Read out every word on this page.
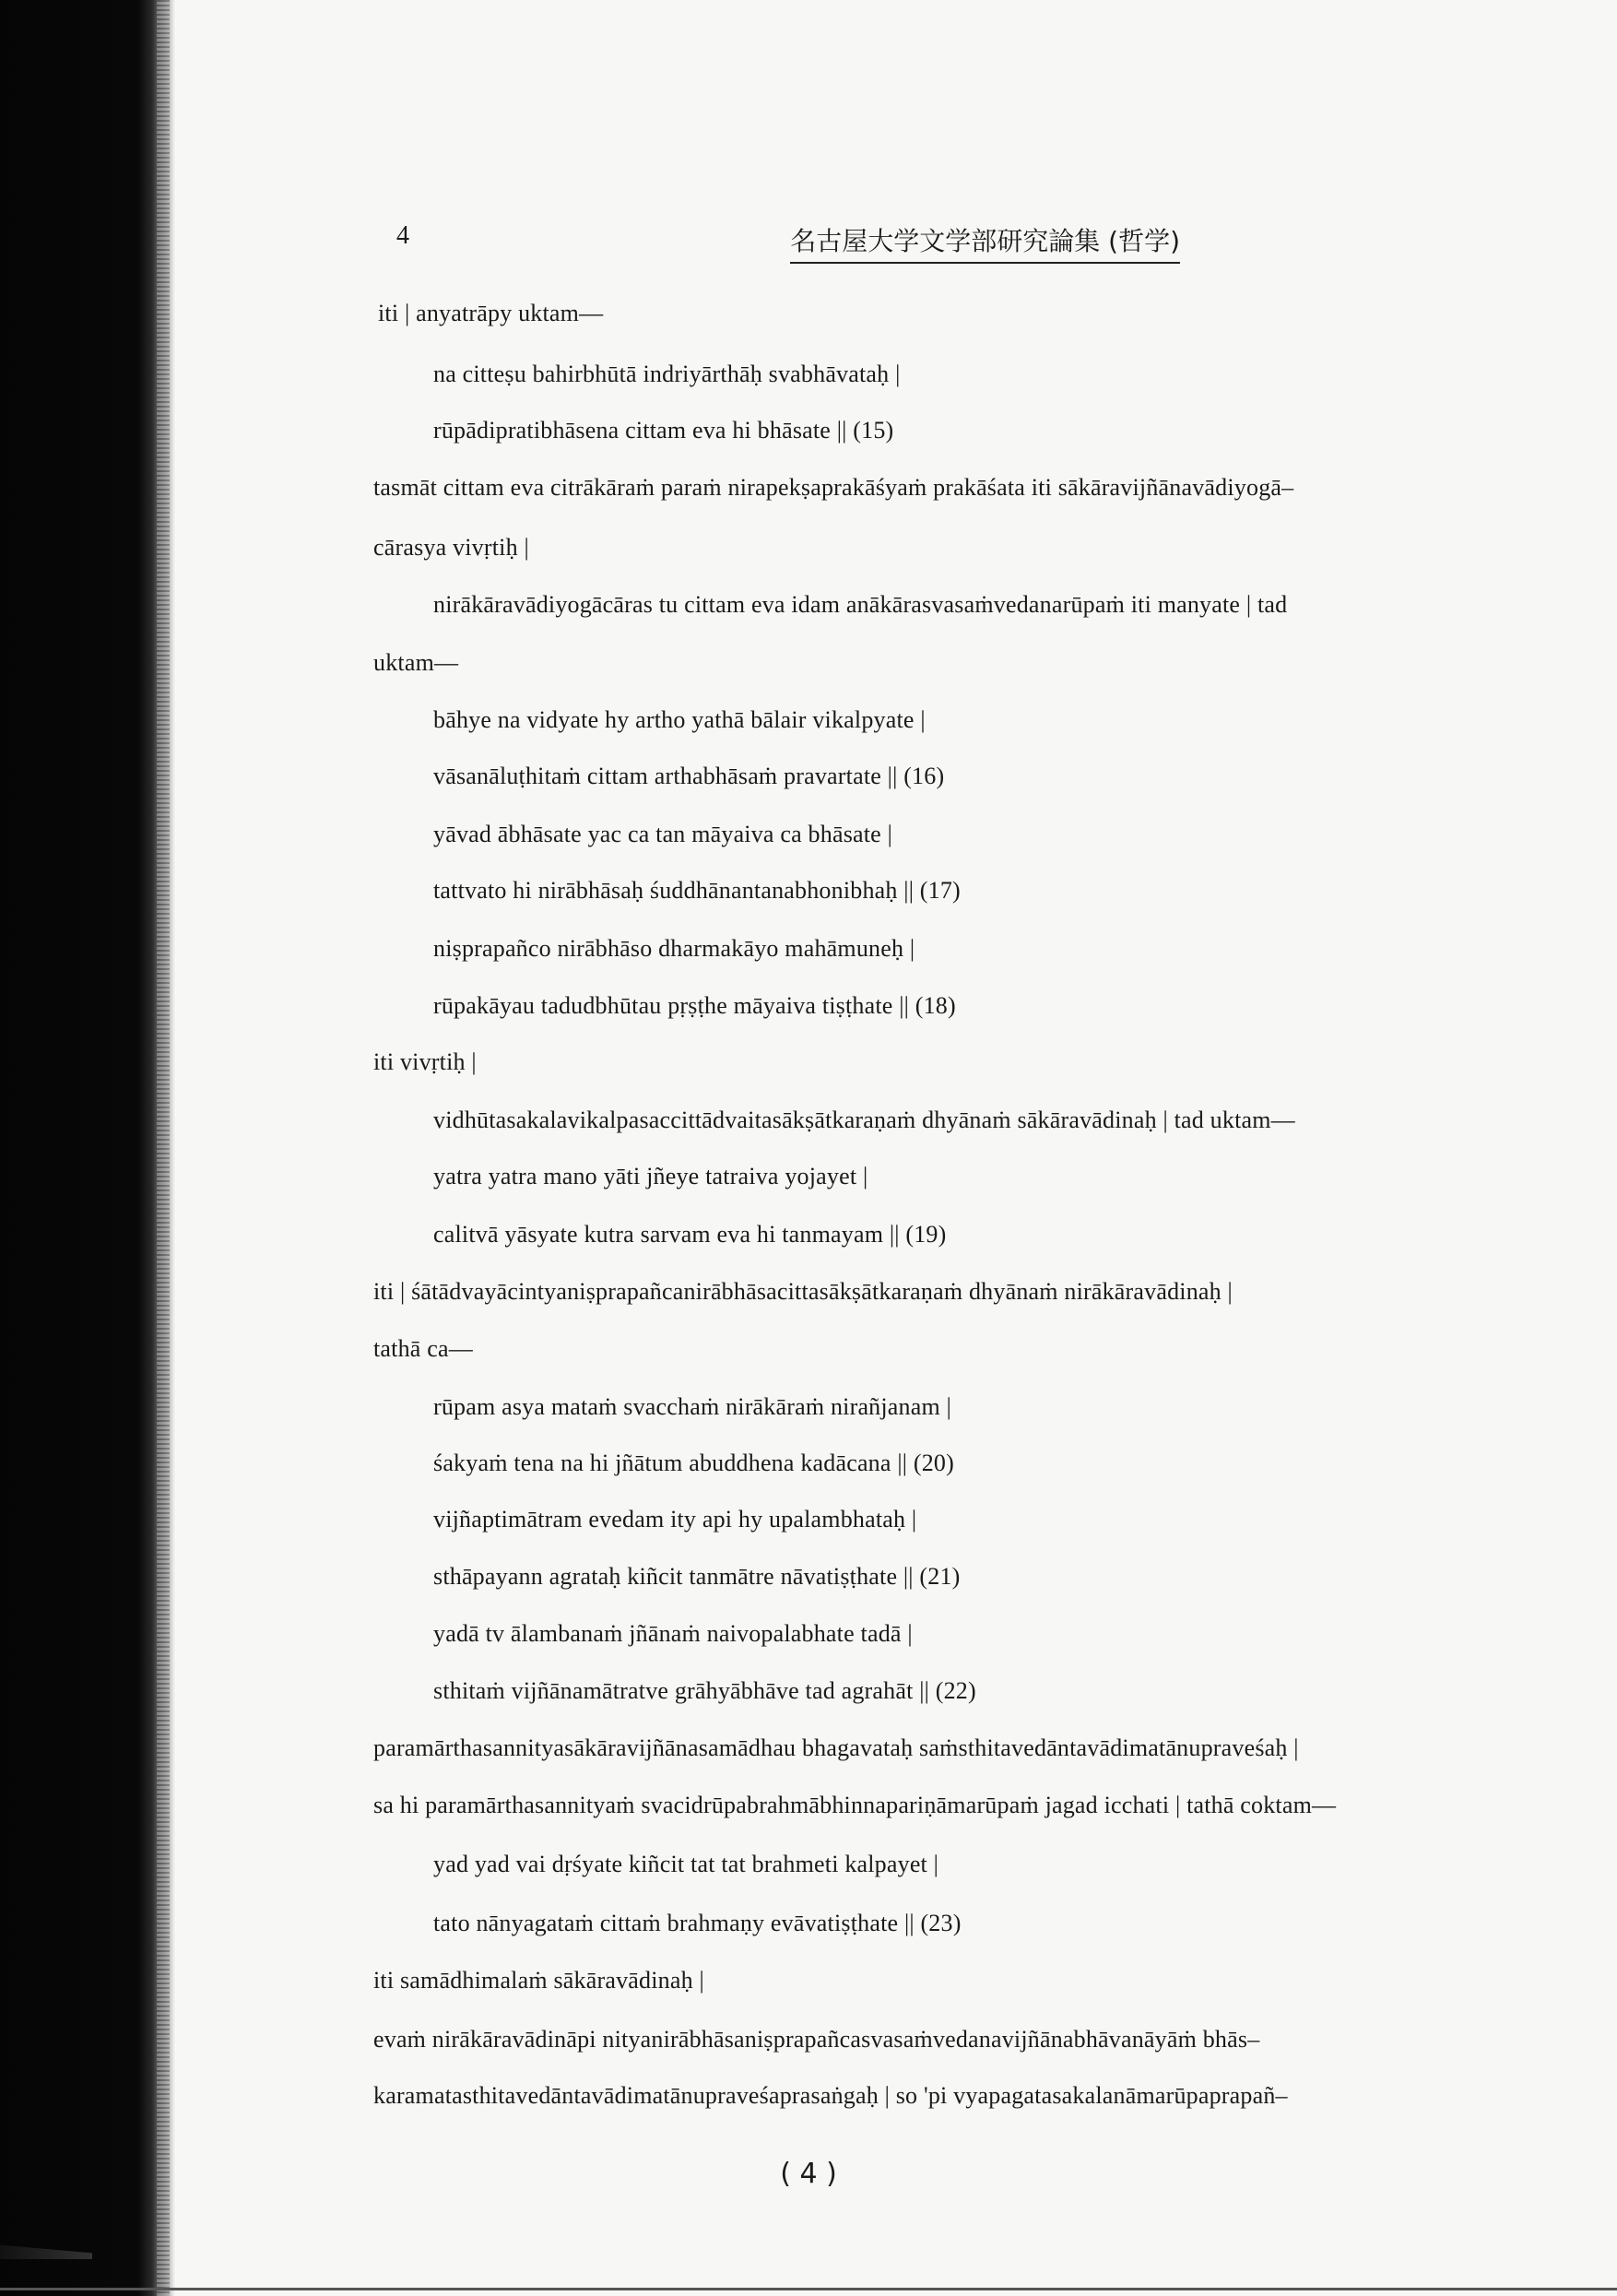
4	名古屋大学文学部研究論集 (哲学)
iti | anyatrāpy uktam—
na citteṣu bahirbhūtā indriyārthāḥ svabhāvataḥ |
rūpādipratibhāsena cittam eva hi bhāsate || (15)
tasmāt cittam eva citrākāraṁ paraṁ nirapekṣaprakāśyaṁ prakāśata iti sākāravijñānavādiyogā–
cārasya vivṛtiḥ |
nirākāravādiyogācāras tu cittam eva idam anākārasvasaṁvedanarūpaṁ iti manyate | tad
uktam—
bāhye na vidyate hy artho yathā bālair vikalpyate |
vāsanāluṭhitaṁ cittam arthabhāsaṁ pravartate || (16)
yāvad ābhāsate yac ca tan māyaiva ca bhāsate |
tattvato hi nirābhāsaḥ śuddhānantanabhonibhaḥ || (17)
niṣprapañco nirābhāso dharmakāyo mahāmuneḥ |
rūpakāyau tadudbhūtau pṛṣṭhe māyaiva tiṣṭhate || (18)
iti vivṛtiḥ |
vidhūtasakalavikalpasaccittādvaitasākṣātkaraṇaṁ dhyānaṁ sākāravādinaḥ | tad uktam—
yatra yatra mano yāti jñeye tatraiva yojayet |
calitvā yāsyate kutra sarvam eva hi tanmayam || (19)
iti | śātādvayācintyaniṣprapañcanirābhāsacittasākṣātkaraṇaṁ dhyānaṁ nirākāravādinaḥ |
tathā ca—
rūpam asya mataṁ svacchaṁ nirākāraṁ nirañjanam |
śakyaṁ tena na hi jñātum abuddhena kadācana || (20)
vijñaptimātram evedam ity api hy upalambhataḥ |
sthāpayann agrataḥ kiñcit tanmātre nāvatiṣṭhate || (21)
yadā tv ālambanaṁ jñānaṁ naivopalabhate tadā |
sthitaṁ vijñānamātratve grāhyābhāve tad agrahāt || (22)
paramārthasannityasākāravijñānasamādhau bhagavataḥ saṁsthitavedāntavādimatānupraveśaḥ |
sa hi paramārthasannityaṁ svacidrūpabrahmābhinnapariṇāmarūpaṁ jagad icchati | tathā coktam—
yad yad vai dṛśyate kiñcit tat tat brahmeti kalpayet |
tato nānyagataṁ cittaṁ brahmaṇy evāvatiṣṭhate || (23)
iti samādhimalaṁ sākāravādinaḥ |
evaṁ nirākāravādināpi nityanirābhāsaniṣprapañcasvasaṁvedanavijñānabhāvanāyāṁ bhās–
karamatasthitavedāntavādimatānupraveśaprasaṅgaḥ | so 'pi vyapagatasakalanāmarūpaprapañ–
( 4 )
